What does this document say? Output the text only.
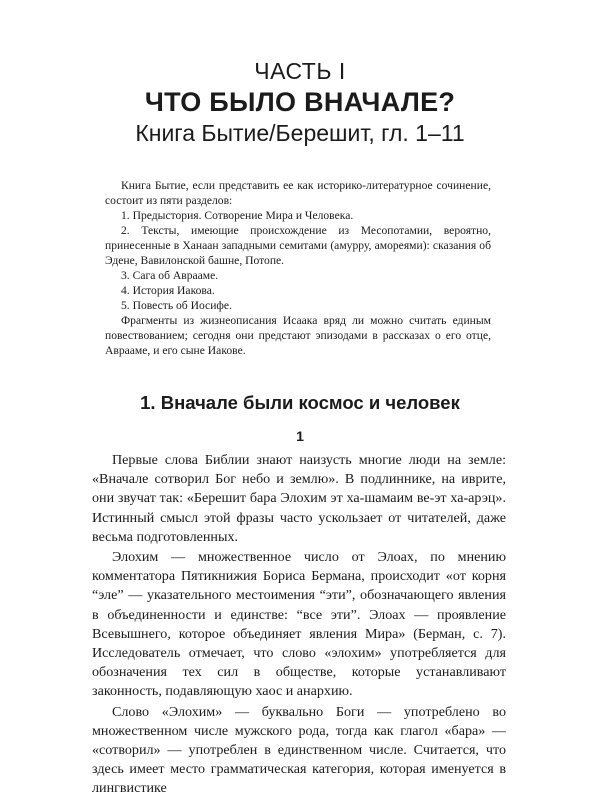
ЧАСТЬ I
ЧТО БЫЛО ВНАЧАЛЕ?
Книга Бытие/Берешит, гл. 1–11

Книга Бытие, если представить ее как историко-литературное сочинение, состоит из пяти разделов:

1. Предыстория. Сотворение Мира и Человека.

2. Тексты, имеющие происхождение из Месопотамии, вероятно, принесенные в Ханаан западными семитами (амурру, амореями): сказания об Эдене, Вавилонской башне, Потопе.

3. Сага об Аврааме.

4. История Иакова.

5. Повесть об Иосифе.

Фрагменты из жизнеописания Исаака вряд ли можно считать единым повествованием; сегодня они предстают эпизодами в рассказах о его отце, Аврааме, и его сыне Иакове.

1. Вначале были космос и человек
1

Первые слова Библии знают наизусть многие люди на земле: «Вначале сотворил Бог небо и землю». В подлиннике, на иврите, они звучат так: «Берешит бара Элохим эт ха-шамаим ве-эт ха-арэц». Истинный смысл этой фразы часто ускользает от читателей, даже весьма подготовленных.

Элохим — множественное число от Элоах, по мнению комментатора Пятикнижия Бориса Бермана, происходит «от корня “эле” — указательного местоимения “эти”, обозначающего явления в объединенности и единстве: “все эти”. Элоах — проявление Всевышнего, которое объединяет явления Мира» (Берман, с. 7). Исследователь отмечает, что слово «элохим» употребляется для обозначения тех сил в обществе, которые устанавливают законность, подавляющую хаос и анархию.

Слово «Элохим» — буквально Боги — употреблено во множественном числе мужского рода, тогда как глагол «бара» — «сотворил» — употреблен в единственном числе. Считается, что здесь имеет место грамматическая категория, которая именуется в лингвистике
